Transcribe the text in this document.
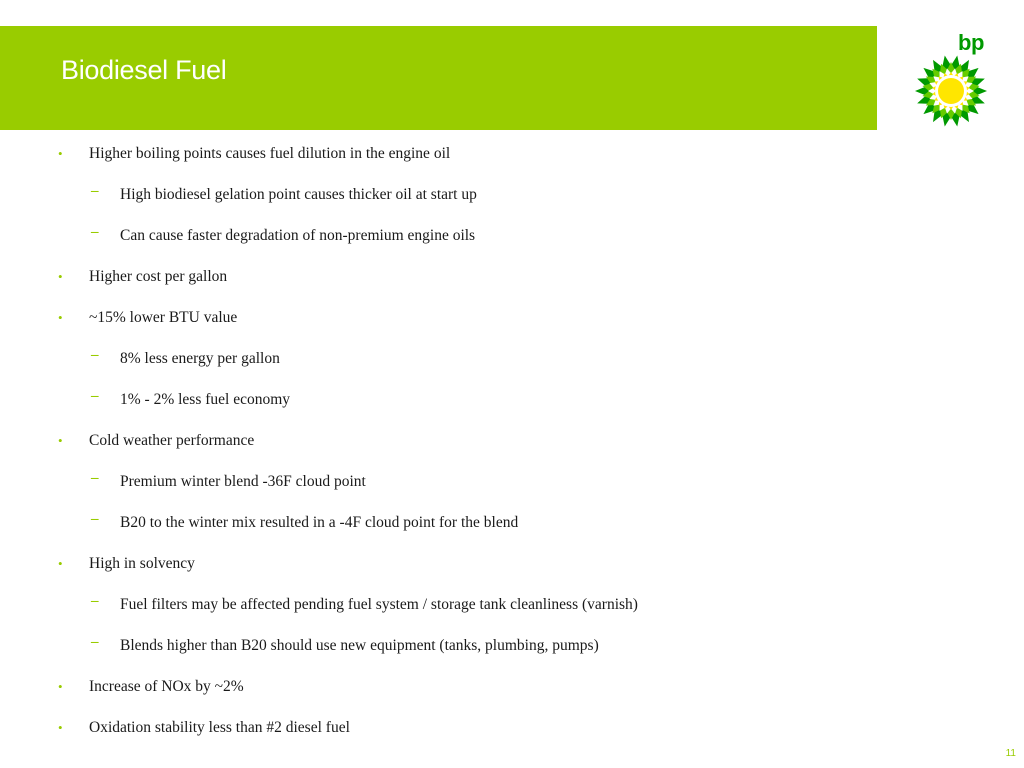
Biodiesel Fuel
bp
• Higher boiling points causes fuel dilution in the engine oil
– High biodiesel gelation point causes thicker oil at start up
– Can cause faster degradation of non-premium engine oils
• Higher cost per gallon
• ~15% lower BTU value
– 8% less energy per gallon
– 1% - 2% less fuel economy
• Cold weather performance
– Premium winter blend -36F cloud point
– B20 to the winter mix resulted in a -4F cloud point for the blend
• High in solvency
– Fuel filters may be affected pending fuel system / storage tank cleanliness (varnish)
– Blends higher than B20 should use new equipment (tanks, plumbing, pumps)
• Increase of NOx by ~2%
• Oxidation stability less than #2 diesel fuel
11
